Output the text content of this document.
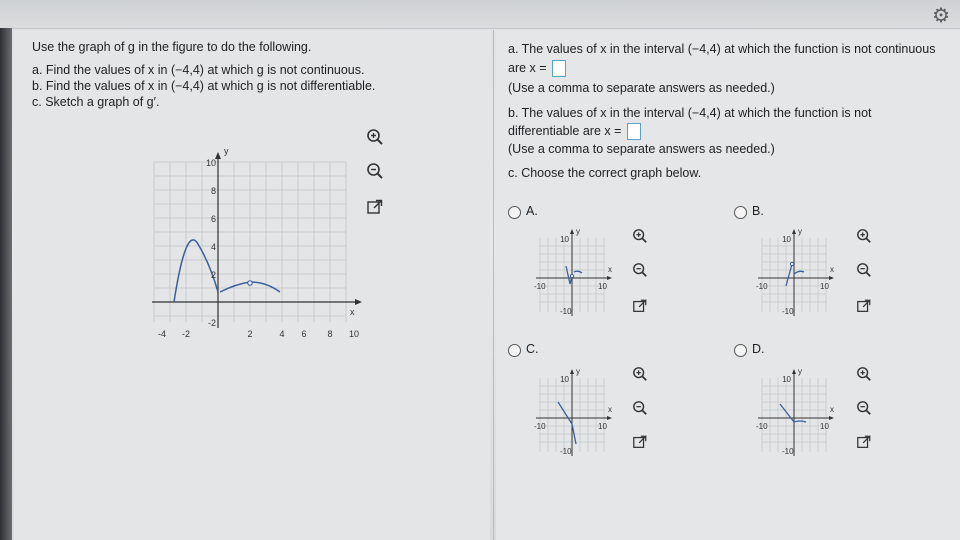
⚙
Use the graph of g in the figure to do the following.
a. Find the values of x in (−4,4) at which g is not continuous.
b. Find the values of x in (−4,4) at which g is not differentiable.
c. Sketch a graph of g′.
x
y
-4 -2	2	4 6 8 10
10
8
6
4
2
-2
a. The values of x in the interval (−4,4) at which the function is not continuous
are x =
(Use a comma to separate answers as needed.)
b. The values of x in the interval (−4,4) at which the function is not
differentiable are x =
(Use a comma to separate answers as needed.)
c. Choose the correct graph below.
A.
y
x
10
-10	10
-10
B.
y
x
10
-10	10
-10
C.
y
x
10
-10	10
-10
D.
y
x
10
-10	10
-10
